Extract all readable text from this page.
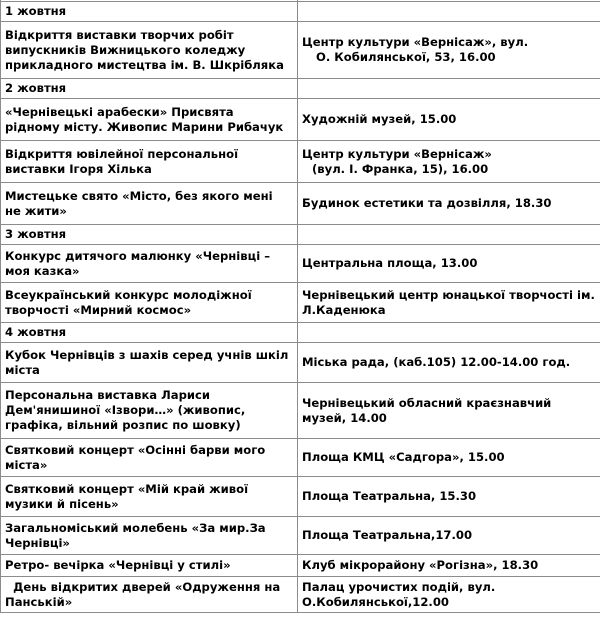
1 жовтня	

Відкриття виставки творчих робіт
випускників Вижницького коледжу
прикладного мистецтва ім. В. Шкрібляка	Центр культури «Вернісаж», вул.
О. Кобилянської, 53, 16.00

2 жовтня	

«Чернівецькі арабески» Присвята
рідному місту. Живопис Марини Рибачук	Художній музей, 15.00

Відкриття ювілейної персональної
виставки Ігоря Хілька	Центр культури «Вернісаж»
(вул. І. Франка, 15), 16.00

Мистецьке свято «Місто, без якого мені
не жити»	Будинок естетики та дозвілля, 18.30

3 жовтня	

Конкурс дитячого малюнку «Чернівці –
моя казка»	Центральна площа, 13.00

Всеукраїнський конкурс молодіжної
творчості «Мирний космос»	Чернівецький центр юнацької творчості ім.
Л.Каденюка

4 жовтня	

Кубок Чернівців з шахів серед учнів шкіл
міста	Міська рада, (каб.105) 12.00-14.00 год.

Персональна виставка Лариси
Дем'янишиної «Ізвори…» (живопис,
графіка, вільний розпис по шовку)	Чернівецький обласний краєзнавчий
музей, 14.00

Святковий концерт «Осінні барви мого
міста»	Площа КМЦ «Садгора», 15.00

Святковий концерт «Мій край живої
музики й пісень»	Площа Театральна, 15.30

Загальноміський молебень «За мир.За
Чернівці»	Площа Театральна,17.00

Ретро- вечірка «Чернівці у стилі»	Клуб мікрорайону «Рогізна», 18.30

День відкритих дверей «Одруження на
Панській»	Палац урочистих подій, вул.
О.Кобилянської,12.00
